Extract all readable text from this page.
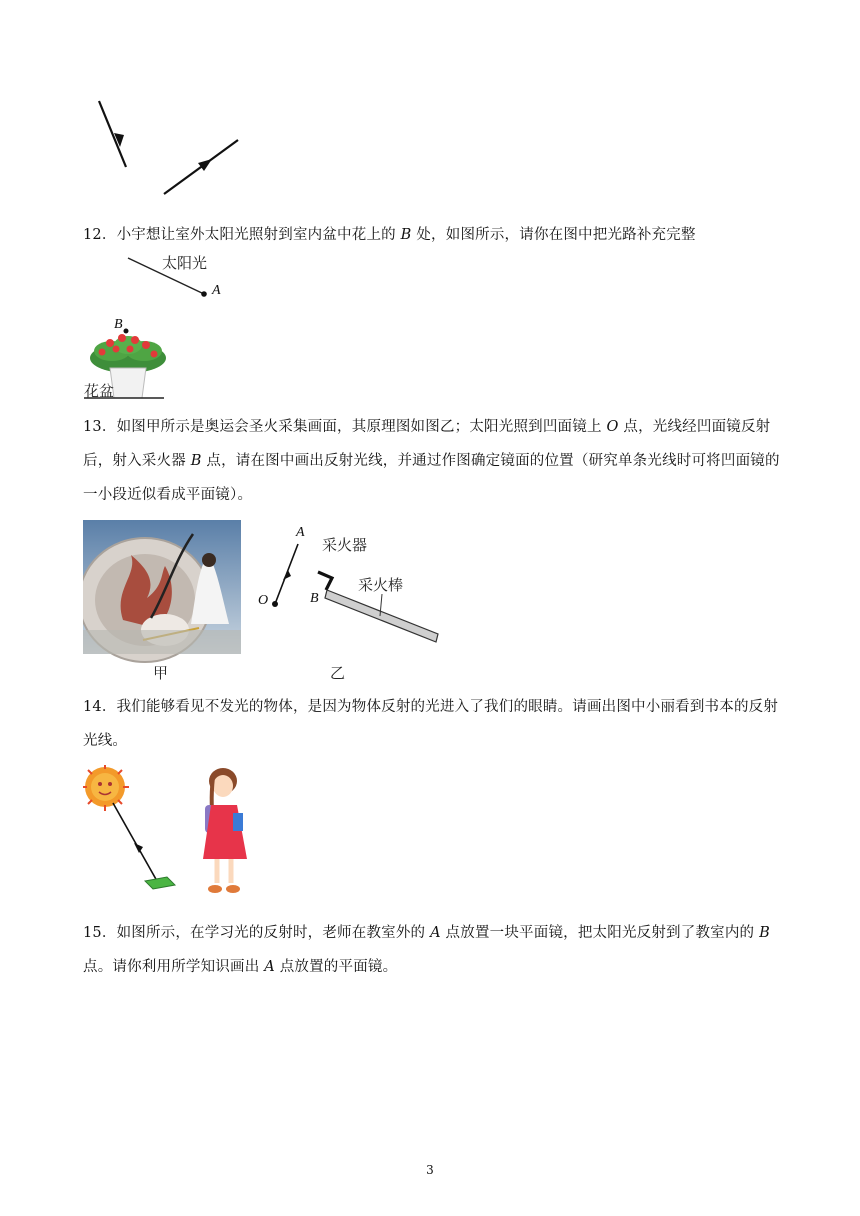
12．小宇想让室外太阳光照射到室内盆中花上的 B 处，如图所示，请你在图中把光路补充完整
太阳光
A
B
花盆
13．如图甲所示是奥运会圣火采集画面，其原理图如图乙；太阳光照到凹面镜上 O 点，光线经凹面镜反射后，射入采火器 B 点，请在图中画出反射光线，并通过作图确定镜面的位置（研究单条光线时可将凹面镜的一小段近似看成平面镜）。
甲
A
O
采火器
B
采火棒
乙
14．我们能够看见不发光的物体，是因为物体反射的光进入了我们的眼睛。请画出图中小丽看到书本的反射光线。
15．如图所示，在学习光的反射时，老师在教室外的 A 点放置一块平面镜，把太阳光反射到了教室内的 B 点。请你利用所学知识画出 A 点放置的平面镜。
3
